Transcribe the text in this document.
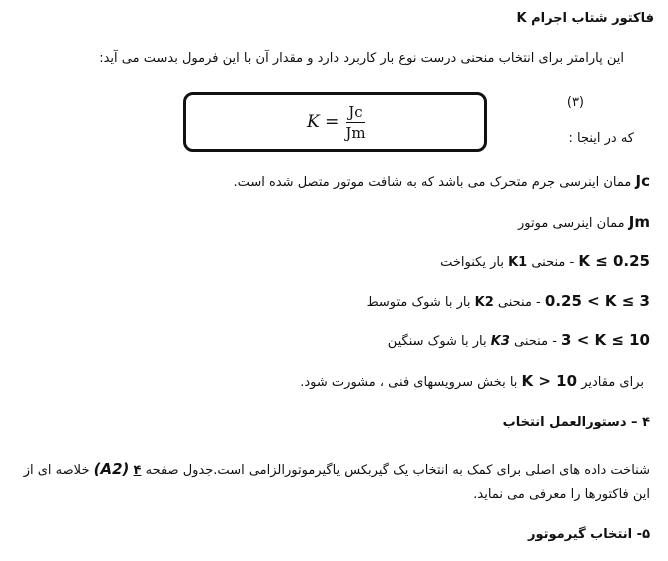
فاکتور شتاب اجرام K
این پارامتر برای انتخاب منحنی درست نوع بار کاربرد دارد و مقدار آن با این فرمول بدست می آید:
$K = \frac{Jc}{Jm}$	(۳)
که در اینجا :
Jc ممان اینرسی جرم متحرک می باشد که به شافت موتور متصل شده است.
Jm ممان اینرسی موتور
K ≤ 0.25 - منحنی K1 بار یکنواخت
0.25 < K ≤ 3 - منحنی K2 بار با شوک متوسط
3 < K ≤ 10 - منحنی K3 بار با شوک سنگین
برای مقادیر K > 10 با بخش سرویسهای فنی ، مشورت شود.
۴ – دستورالعمل انتخاب
شناخت داده های اصلی برای کمک به انتخاب یک گیربکس یاگیرموتورالزامی است.جدول صفحه ۴ (A2) خلاصه ای از
این فاکتورها را معرفی می نماید.
۵- انتخاب گیرموتور
